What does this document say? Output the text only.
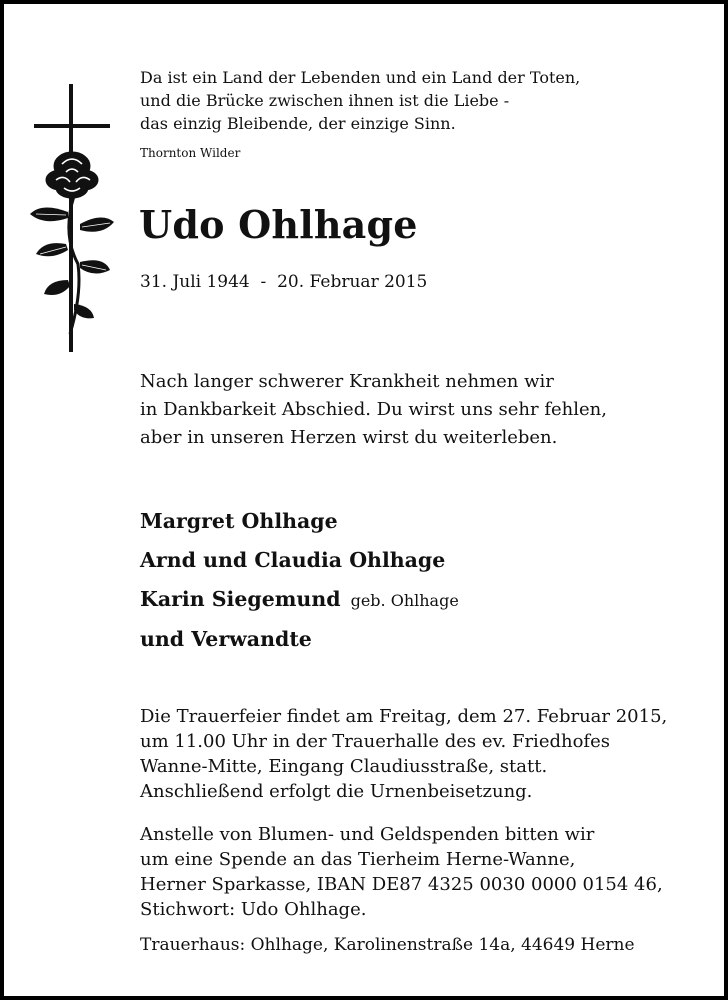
Da ist ein Land der Lebenden und ein Land der Toten,
und die Brücke zwischen ihnen ist die Liebe -
das einzig Bleibende, der einzige Sinn.
Thornton Wilder
Udo Ohlhage
31. Juli 1944  -  20. Februar 2015
Nach langer schwerer Krankheit nehmen wir
in Dankbarkeit Abschied. Du wirst uns sehr fehlen,
aber in unseren Herzen wirst du weiterleben.
Margret Ohlhage
Arnd und Claudia Ohlhage
Karin Siegemund geb. Ohlhage
und Verwandte
Die Trauerfeier findet am Freitag, dem 27. Februar 2015,
um 11.00 Uhr in der Trauerhalle des ev. Friedhofes
Wanne-Mitte, Eingang Claudiusstraße, statt.
Anschließend erfolgt die Urnenbeisetzung.
Anstelle von Blumen- und Geldspenden bitten wir
um eine Spende an das Tierheim Herne-Wanne,
Herner Sparkasse, IBAN DE87 4325 0030 0000 0154 46,
Stichwort: Udo Ohlhage.
Trauerhaus: Ohlhage, Karolinenstraße 14a, 44649 Herne
